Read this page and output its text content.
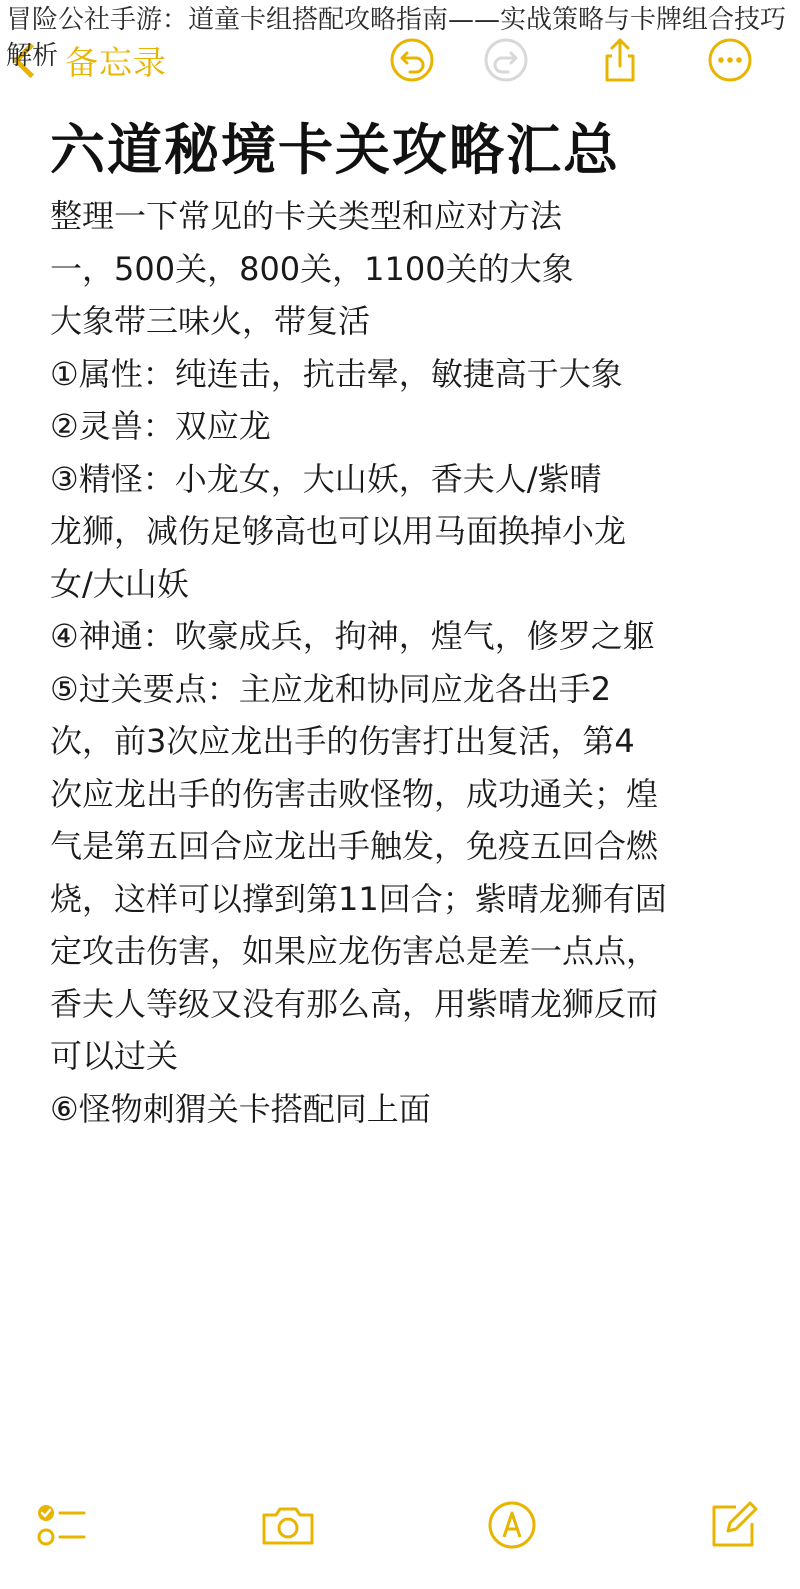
冒险公社手游：道童卡组搭配攻略指南——实战策略与卡牌组合技巧解析 备忘录
六道秘境卡关攻略汇总
整理一下常见的卡关类型和应对方法
一，500关，800关，1100关的大象
大象带三味火，带复活
①属性：纯连击，抗击晕，敏捷高于大象
②灵兽：双应龙
③精怪：小龙女，大山妖，香夫人/紫晴
龙狮，减伤足够高也可以用马面换掉小龙
女/大山妖
④神通：吹豪成兵，拘神，煌气，修罗之躯
⑤过关要点：主应龙和协同应龙各出手2
次，前3次应龙出手的伤害打出复活，第4
次应龙出手的伤害击败怪物，成功通关；煌
气是第五回合应龙出手触发，免疫五回合燃
烧，这样可以撑到第11回合；紫晴龙狮有固
定攻击伤害，如果应龙伤害总是差一点点，
香夫人等级又没有那么高，用紫晴龙狮反而
可以过关
⑥怪物刺猬关卡搭配同上面
